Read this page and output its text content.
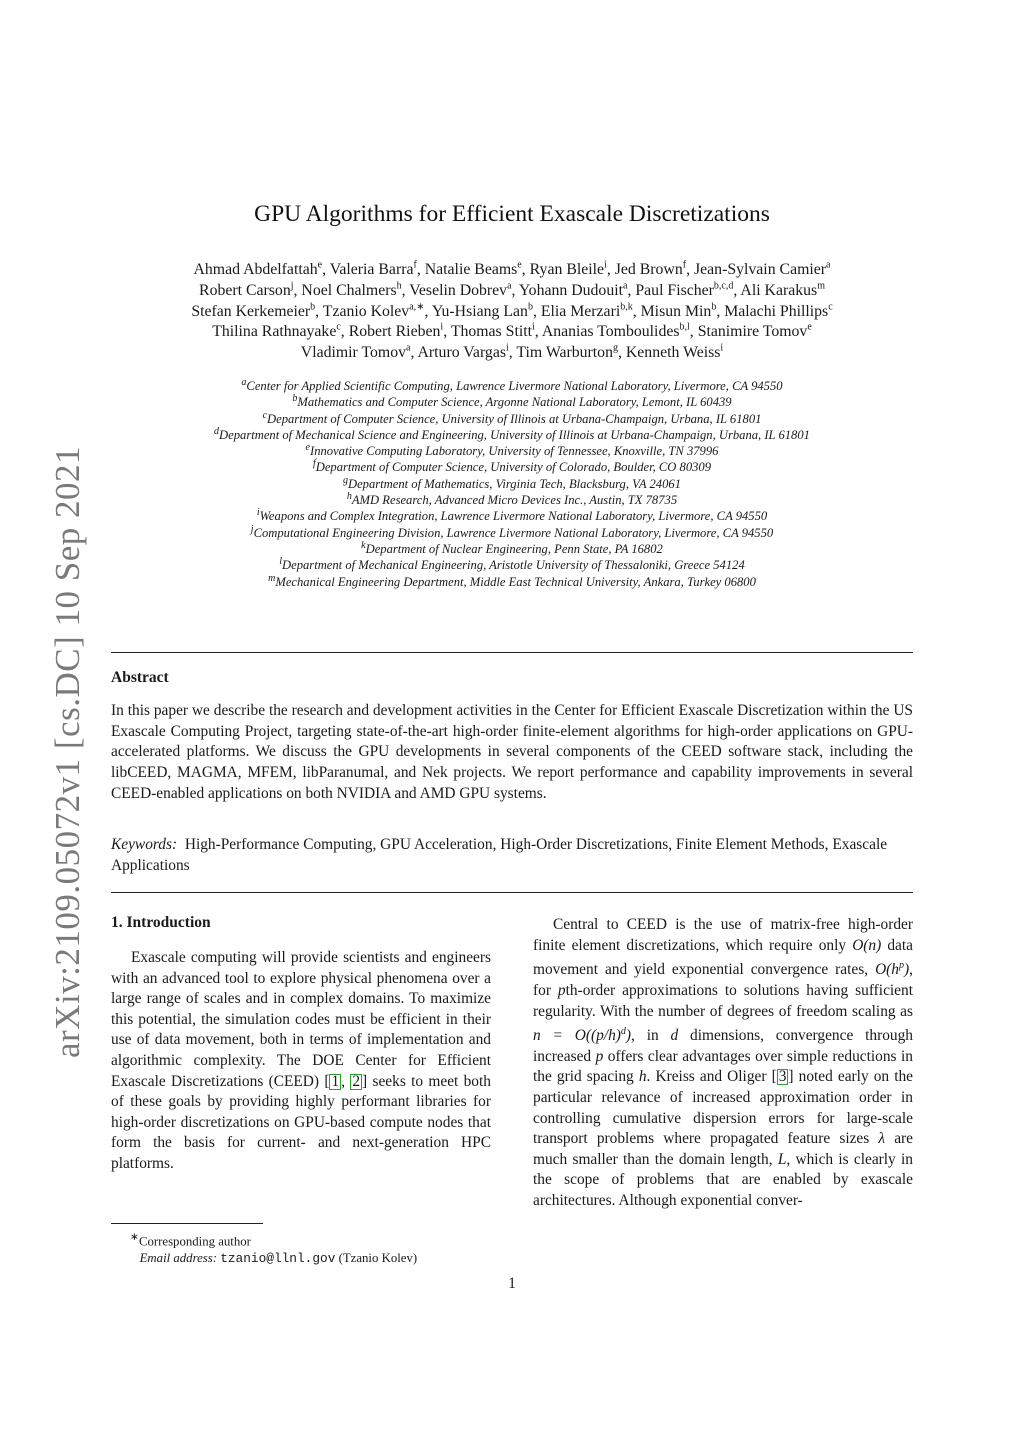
arXiv:2109.05072v1 [cs.DC] 10 Sep 2021
GPU Algorithms for Efficient Exascale Discretizations
Ahmad Abdelfattah$^e$, Valeria Barra$^f$, Natalie Beams$^e$, Ryan Bleile$^i$, Jed Brown$^f$, Jean-Sylvain Camier$^a$
Robert Carson$^j$, Noel Chalmers$^h$, Veselin Dobrev$^a$, Yohann Dudouit$^a$, Paul Fischer$^{b,c,d}$, Ali Karakus$^m$
Stefan Kerkemeier$^b$, Tzanio Kolev$^{a,∗}$, Yu-Hsiang Lan$^b$, Elia Merzari$^{b,k}$, Misun Min$^b$, Malachi Phillips$^c$
Thilina Rathnayake$^c$, Robert Rieben$^i$, Thomas Stitt$^i$, Ananias Tomboulides$^{b,l}$, Stanimire Tomov$^e$
Vladimir Tomov$^a$, Arturo Vargas$^i$, Tim Warburton$^g$, Kenneth Weiss$^i$
$^a$Center for Applied Scientific Computing, Lawrence Livermore National Laboratory, Livermore, CA 94550
$^b$Mathematics and Computer Science, Argonne National Laboratory, Lemont, IL 60439
$^c$Department of Computer Science, University of Illinois at Urbana-Champaign, Urbana, IL 61801
$^d$Department of Mechanical Science and Engineering, University of Illinois at Urbana-Champaign, Urbana, IL 61801
$^e$Innovative Computing Laboratory, University of Tennessee, Knoxville, TN 37996
$^f$Department of Computer Science, University of Colorado, Boulder, CO 80309
$^g$Department of Mathematics, Virginia Tech, Blacksburg, VA 24061
$^h$AMD Research, Advanced Micro Devices Inc., Austin, TX 78735
$^i$Weapons and Complex Integration, Lawrence Livermore National Laboratory, Livermore, CA 94550
$^j$Computational Engineering Division, Lawrence Livermore National Laboratory, Livermore, CA 94550
$^k$Department of Nuclear Engineering, Penn State, PA 16802
$^l$Department of Mechanical Engineering, Aristotle University of Thessaloniki, Greece 54124
$^m$Mechanical Engineering Department, Middle East Technical University, Ankara, Turkey 06800
Abstract

In this paper we describe the research and development activities in the Center for Efficient Exascale Discretization within the US Exascale Computing Project, targeting state-of-the-art high-order finite-element algorithms for high-order applications on GPU-accelerated platforms. We discuss the GPU developments in several components of the CEED software stack, including the libCEED, MAGMA, MFEM, libParanumal, and Nek projects. We report performance and capability improvements in several CEED-enabled applications on both NVIDIA and AMD GPU systems.

Keywords: High-Performance Computing, GPU Acceleration, High-Order Discretizations, Finite Element Methods, Exascale Applications

1. Introduction

Exascale computing will provide scientists and engineers with an advanced tool to explore physical phenomena over a large range of scales and in complex domains. To maximize this potential, the simulation codes must be efficient in their use of data movement, both in terms of implementation and algorithmic complexity. The DOE Center for Efficient Exascale Discretizations (CEED) [ 1 , 2 ] seeks to meet both of these goals by providing highly performant libraries for high-order discretizations on GPU-based compute nodes that form the basis for current- and next-generation HPC platforms.

Central to CEED is the use of matrix-free high-order finite element discretizations, which require only O(n) data movement and yield exponential convergence rates, $O(h^p)$, for pth-order approximations to solutions having sufficient regularity. With the number of degrees of freedom scaling as $n = O((p/h)^d)$, in d dimensions, convergence through increased p offers clear advantages over simple reductions in the grid spacing h. Kreiss and Oliger [ 3 ] noted early on the particular relevance of increased approximation order in controlling cumulative dispersion errors for large-scale transport problems where propagated feature sizes λ are much smaller than the domain length, L, which is clearly in the scope of problems that are enabled by exascale architectures. Although exponential conver-

∗Corresponding author
Email address: tzanio@llnl.gov (Tzanio Kolev)
1
